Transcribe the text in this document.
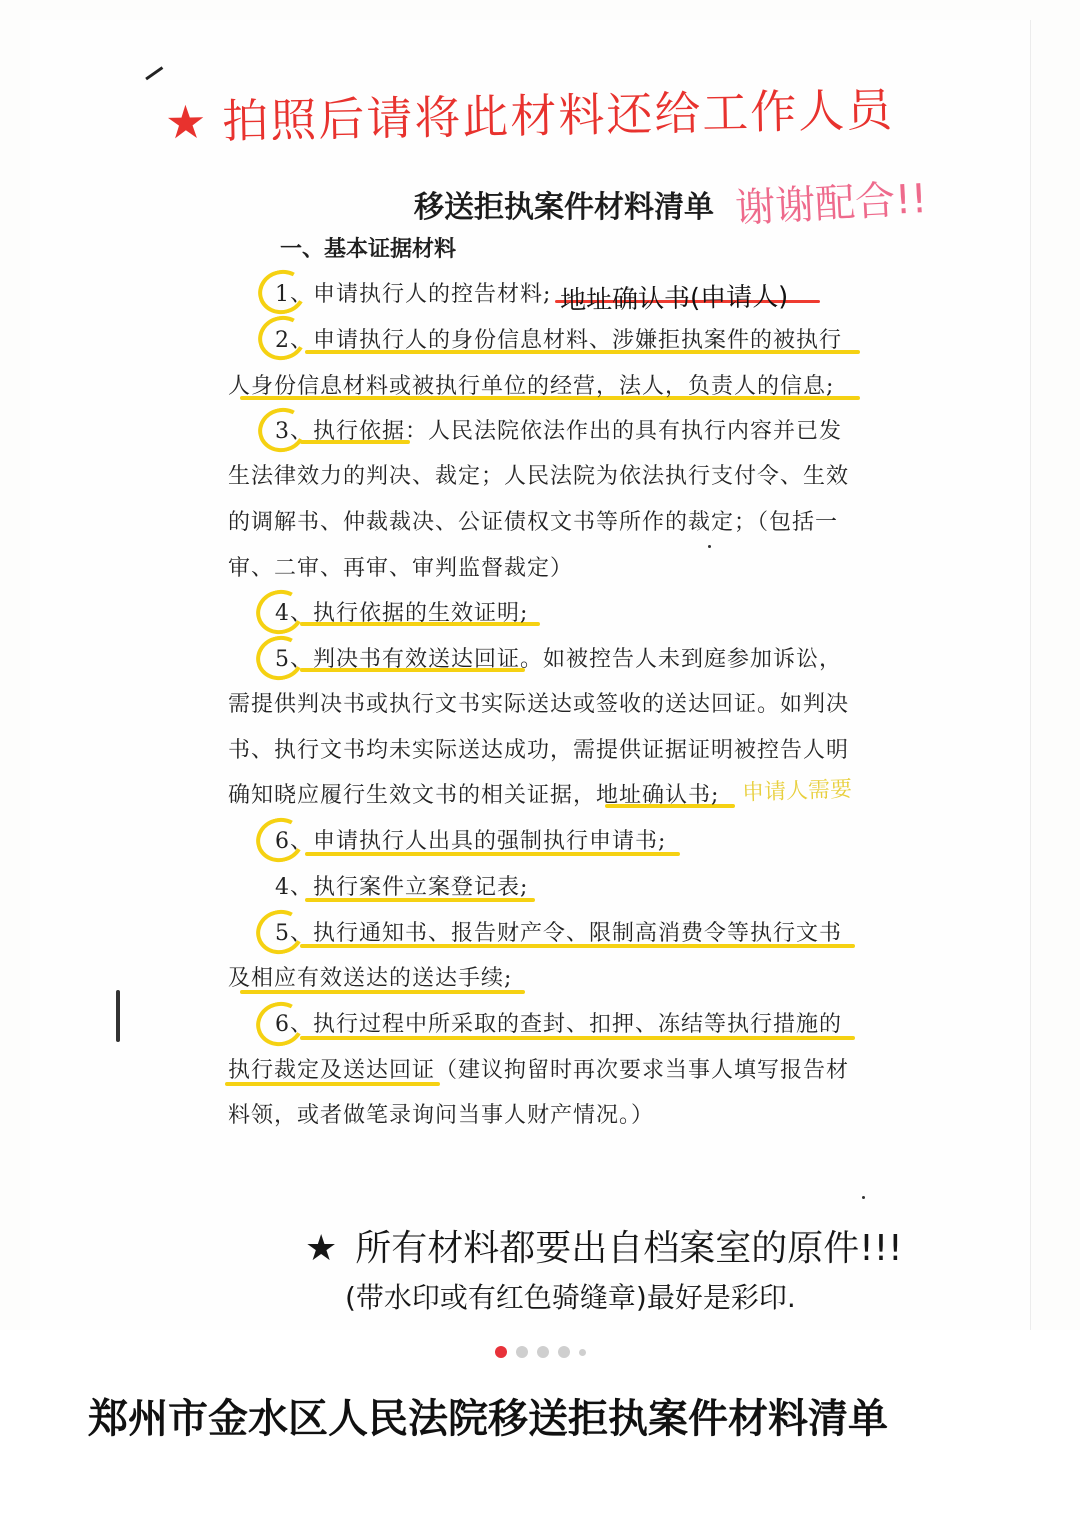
★ 拍照后请将此材料还给工作人员
谢谢配合!!
移送拒执案件材料清单
一、基本证据材料
1、申请执行人的控告材料;
2、申请执行人的身份信息材料、涉嫌拒执案件的被执行
人身份信息材料或被执行单位的经营，法人，负责人的信息;
3、执行依据：人民法院依法作出的具有执行内容并已发
生法律效力的判决、裁定；人民法院为依法执行支付令、生效
的调解书、仲裁裁决、公证债权文书等所作的裁定；（包括一
审、二审、再审、审判监督裁定）
4、执行依据的生效证明;
5、判决书有效送达回证。如被控告人未到庭参加诉讼，
需提供判决书或执行文书实际送达或签收的送达回证。如判决
书、执行文书均未实际送达成功，需提供证据证明被控告人明
确知晓应履行生效文书的相关证据，地址确认书;
6、申请执行人出具的强制执行申请书;
4、执行案件立案登记表;
5、执行通知书、报告财产令、限制高消费令等执行文书
及相应有效送达的送达手续;
6、执行过程中所采取的查封、扣押、冻结等执行措施的
执行裁定及送达回证（建议拘留时再次要求当事人填写报告材
料领，或者做笔录询问当事人财产情况。）
地址确认书(申请人)
申请人需要
★ 所有材料都要出自档案室的原件!!!
(带水印或有红色骑缝章)最好是彩印.
郑州市金水区人民法院移送拒执案件材料清单
